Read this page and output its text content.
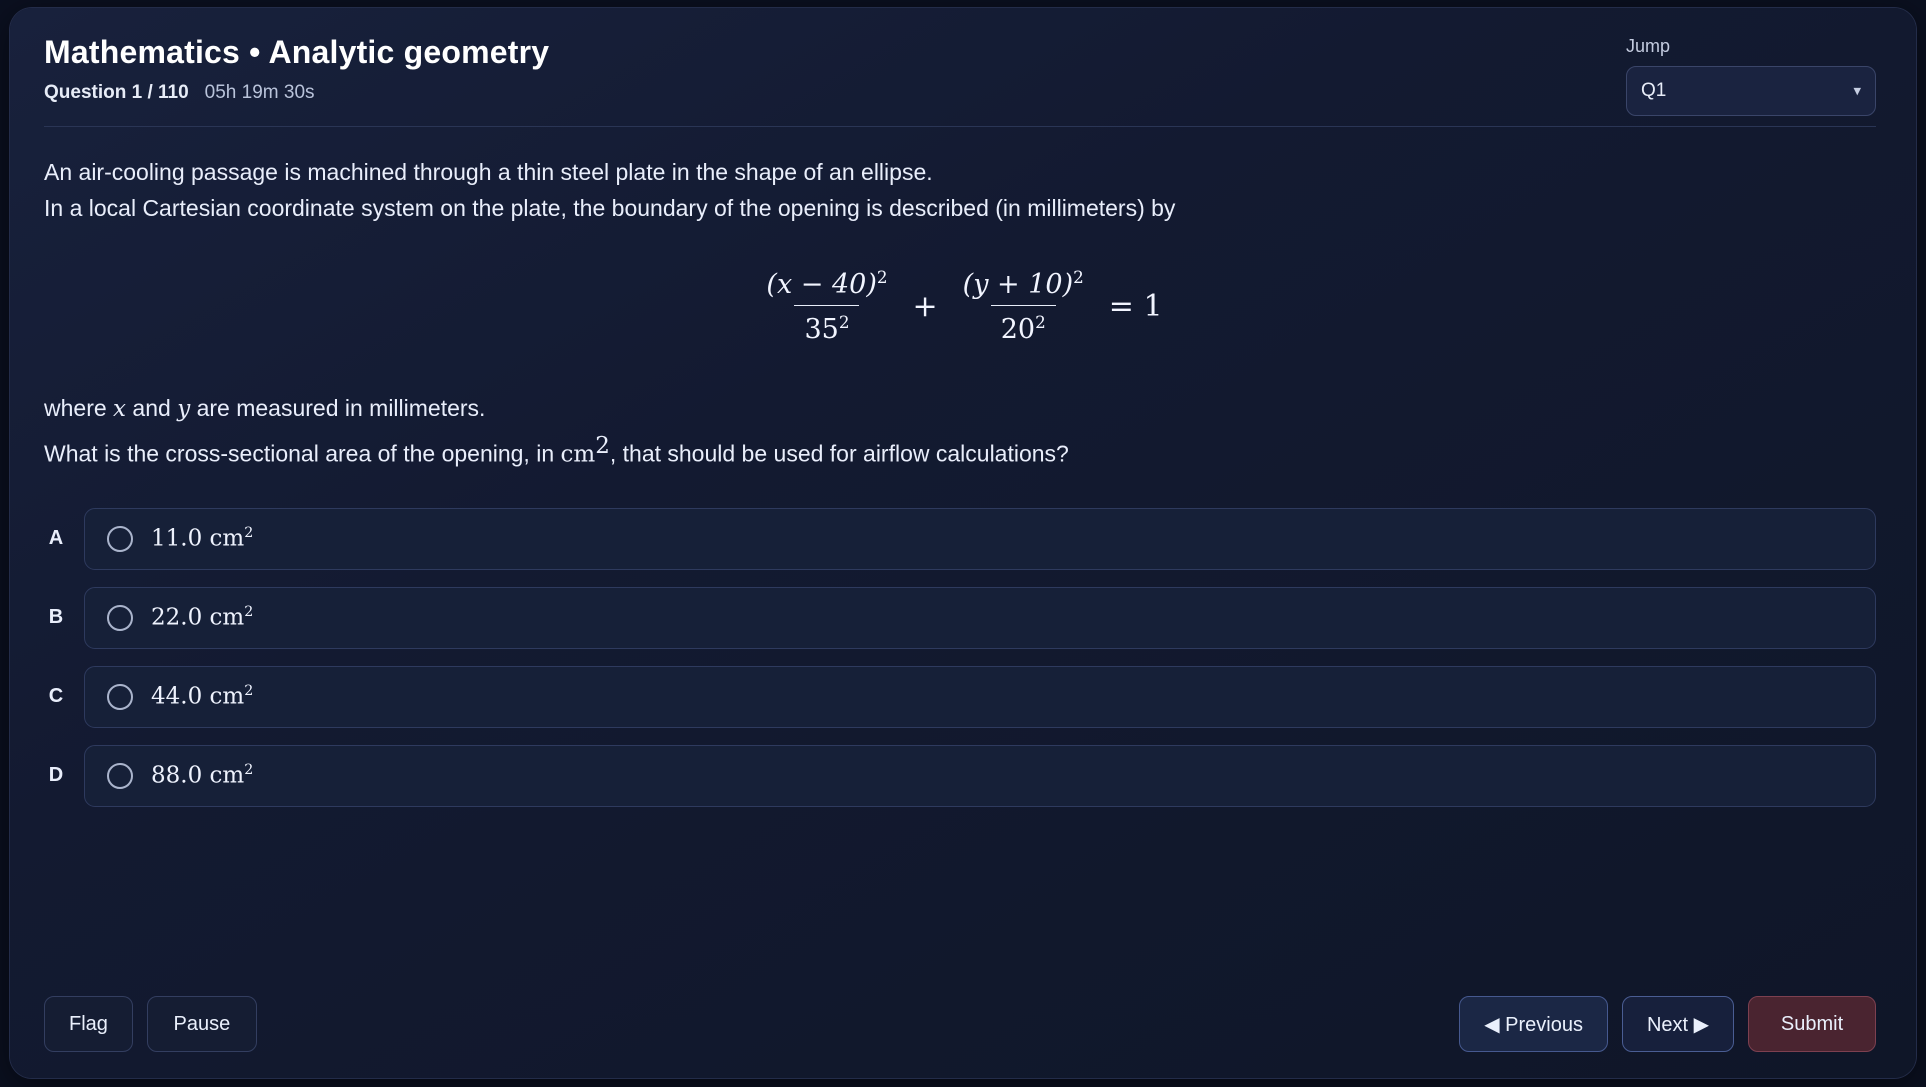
Mathematics • Analytic geometry
Question 1 / 110 05h 19m 30s
Jump
Q1	▾
An air-cooling passage is machined through a thin steel plate in the shape of an ellipse.
In a local Cartesian coordinate system on the plate, the boundary of the opening is described (in millimeters) by
$\frac{(x - 40)^2}{35^2} + \frac{(y + 10)^2}{20^2} = 1$
where x and y are measured in millimeters.
What is the cross-sectional area of the opening, in cm2, that should be used for airflow calculations?
A	11.0 $cm^2$
B	22.0 $cm^2$
C	44.0 $cm^2$
D	88.0 $cm^2$
Flag	Pause	◀ Previous	Next ▶	Submit
